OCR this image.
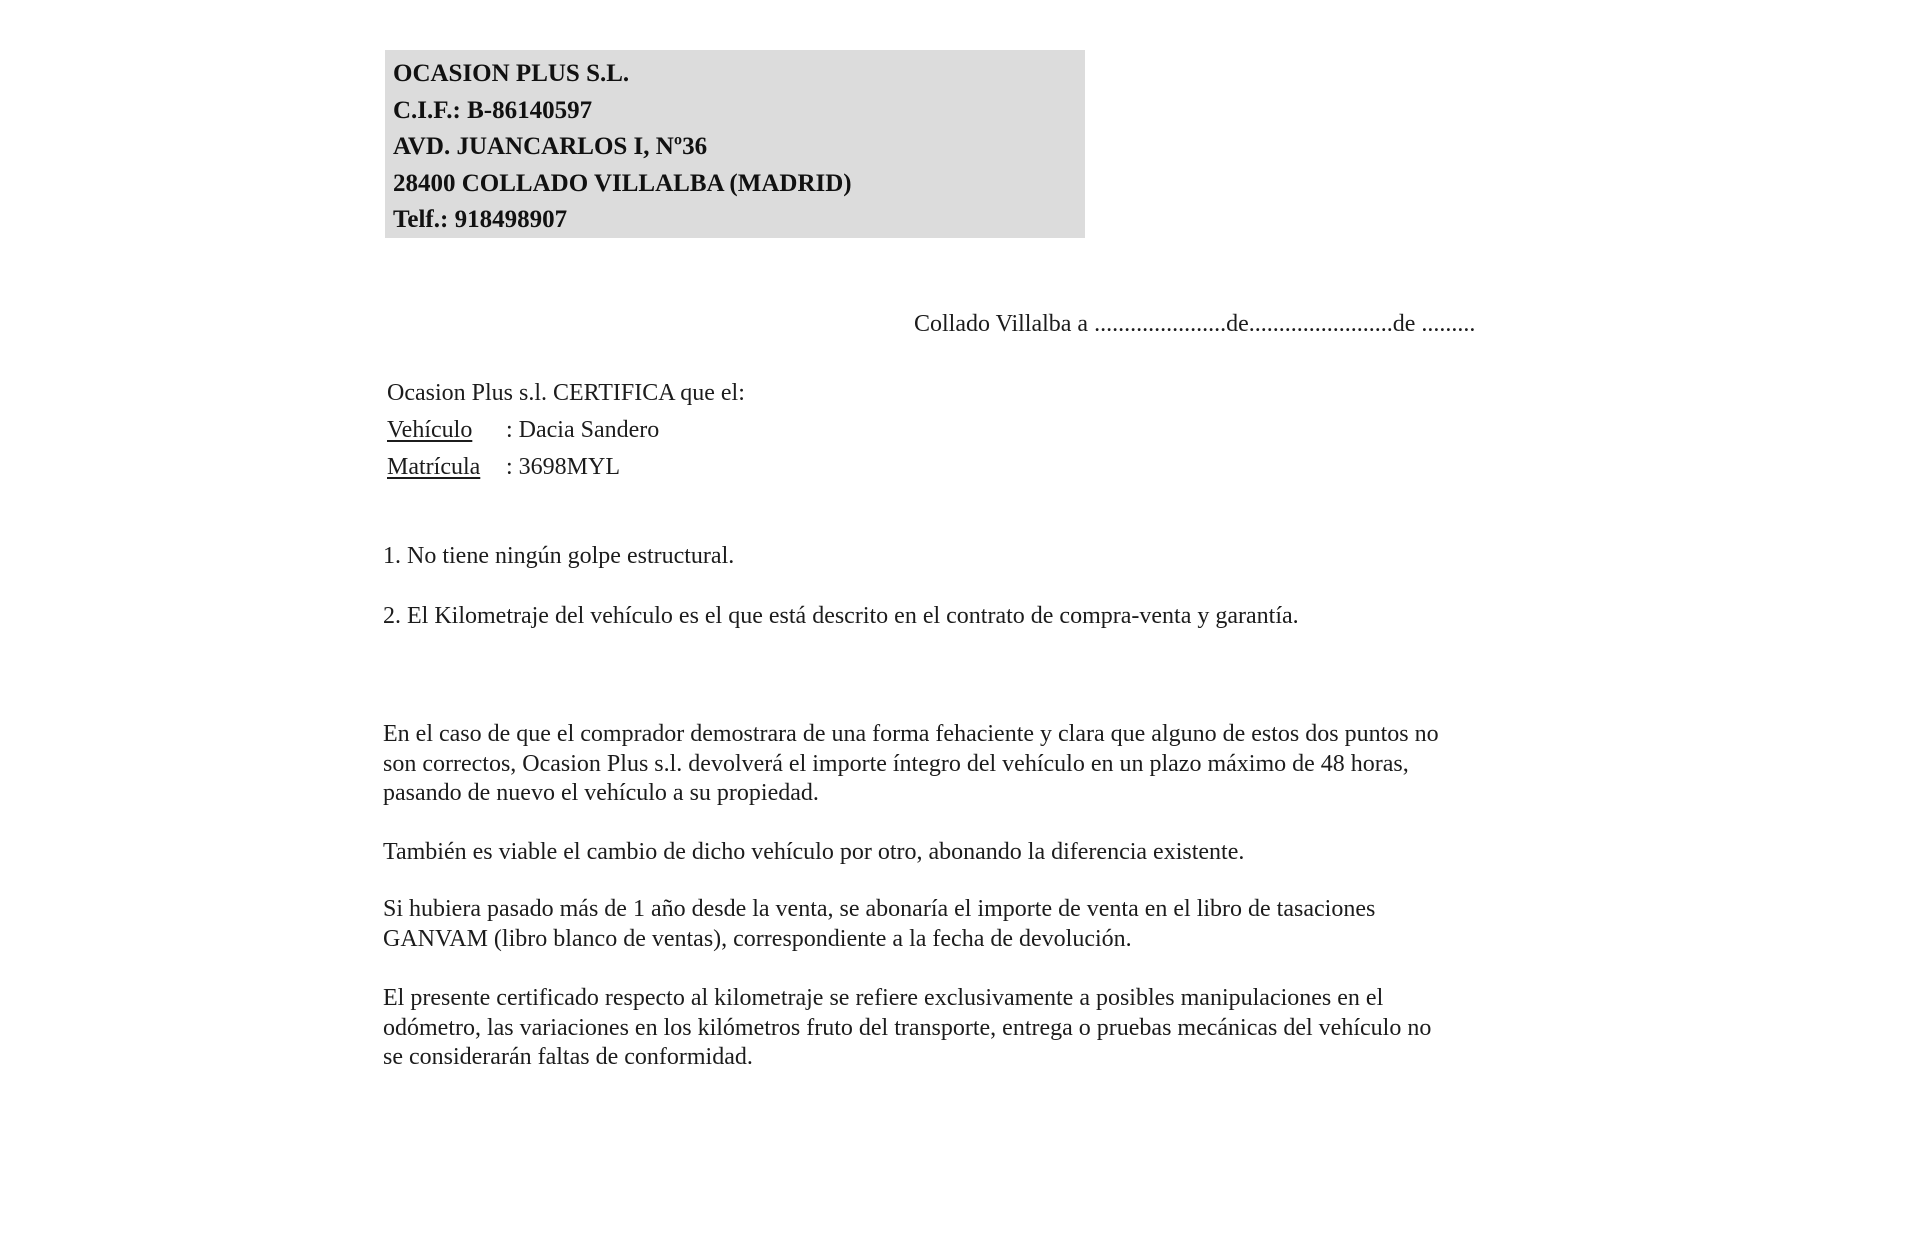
OCASION PLUS S.L.
C.I.F.: B-86140597
AVD. JUANCARLOS I, Nº36
28400 COLLADO VILLALBA (MADRID)
Telf.: 918498907
Collado Villalba a ......................de........................de .........
Ocasion Plus s.l. CERTIFICA que el:
Vehículo : Dacia Sandero
Matrícula : 3698MYL
1. No tiene ningún golpe estructural.
2. El Kilometraje del vehículo es el que está descrito en el contrato de compra-venta y garantía.

En el caso de que el comprador demostrara de una forma fehaciente y clara que alguno de estos dos puntos no
son correctos, Ocasion Plus s.l. devolverá el importe íntegro del vehículo en un plazo máximo de 48 horas,
pasando de nuevo el vehículo a su propiedad.

También es viable el cambio de dicho vehículo por otro, abonando la diferencia existente.

Si hubiera pasado más de 1 año desde la venta, se abonaría el importe de venta en el libro de tasaciones
GANVAM (libro blanco de ventas), correspondiente a la fecha de devolución.

El presente certificado respecto al kilometraje se refiere exclusivamente a posibles manipulaciones en el
odómetro, las variaciones en los kilómetros fruto del transporte, entrega o pruebas mecánicas del vehículo no
se considerarán faltas de conformidad.
